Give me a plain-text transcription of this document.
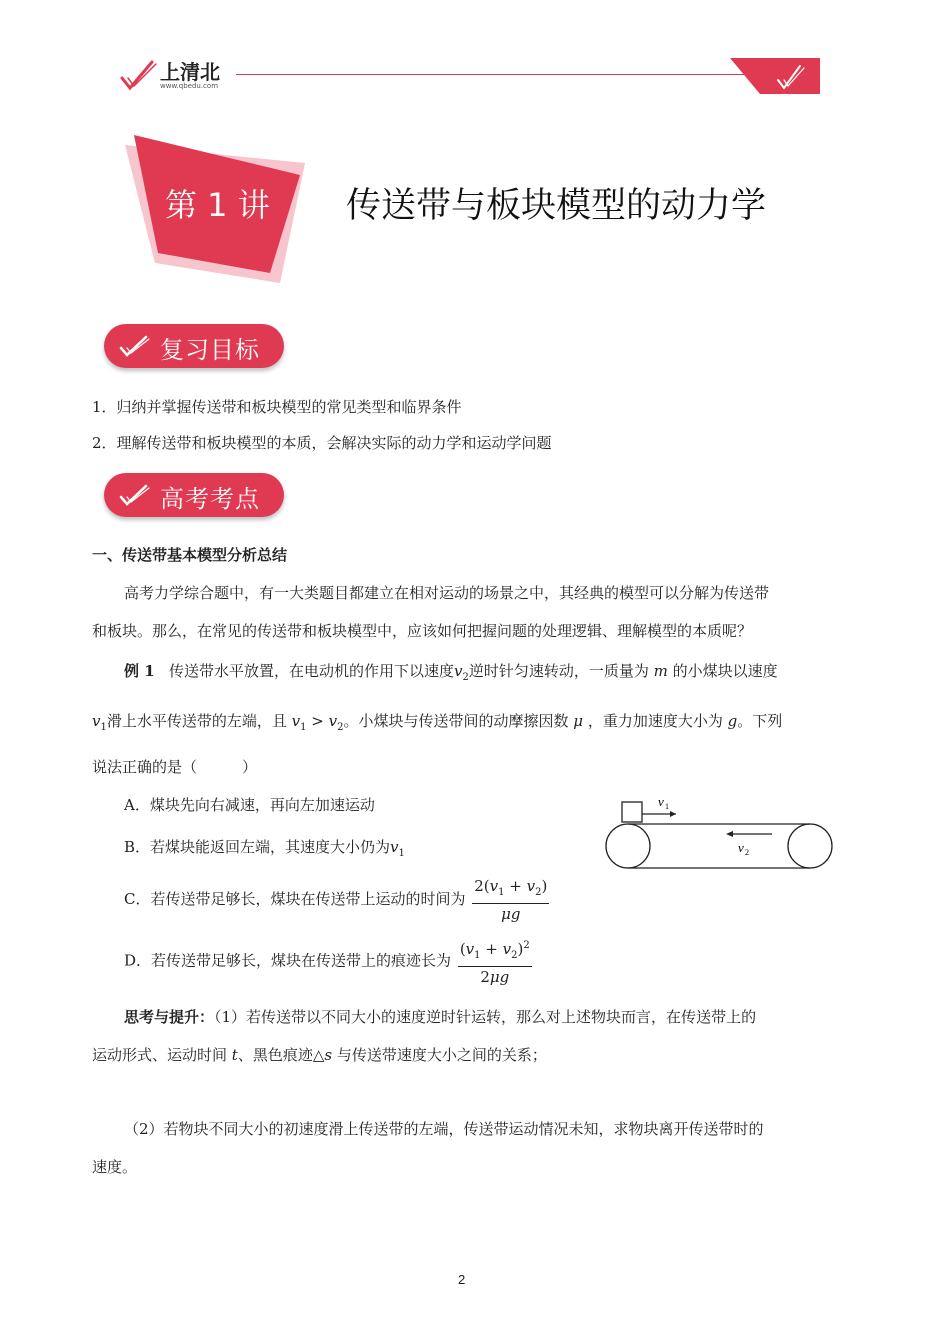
上清北
www.qbedu.com
第 1 讲 传送带与板块模型的动力学
复习目标
1．归纳并掌握传送带和板块模型的常见类型和临界条件
2．理解传送带和板块模型的本质，会解决实际的动力学和运动学问题
高考考点
一、传送带基本模型分析总结
高考力学综合题中，有一大类题目都建立在相对运动的场景之中，其经典的模型可以分解为传送带
和板块。那么，在常见的传送带和板块模型中，应该如何把握问题的处理逻辑、理解模型的本质呢？
例 1 传送带水平放置，在电动机的作用下以速度$v_2$逆时针匀速转动，一质量为 m 的小煤块以速度
$v_1$滑上水平传送带的左端，且 $v_1 > v_2$。小煤块与传送带间的动摩擦因数 μ ，重力加速度大小为 g。下列
说法正确的是（　　　）
A．煤块先向右减速，再向左加速运动
B．若煤块能返回左端，其速度大小仍为$v_1$
C．若传送带足够长，煤块在传送带上运动的时间为 $\frac{2(v_1 + v_2)}{\mu g}$
D．若传送带足够长，煤块在传送带上的痕迹长为 $\frac{(v_1 + v_2)^2}{2\mu g}$
v 1
v 2
思考与提升：（1）若传送带以不同大小的速度逆时针运转，那么对上述物块而言，在传送带上的
运动形式、运动时间 t、黑色痕迹△s 与传送带速度大小之间的关系；
（2）若物块不同大小的初速度滑上传送带的左端，传送带运动情况未知，求物块离开传送带时的
速度。
2
